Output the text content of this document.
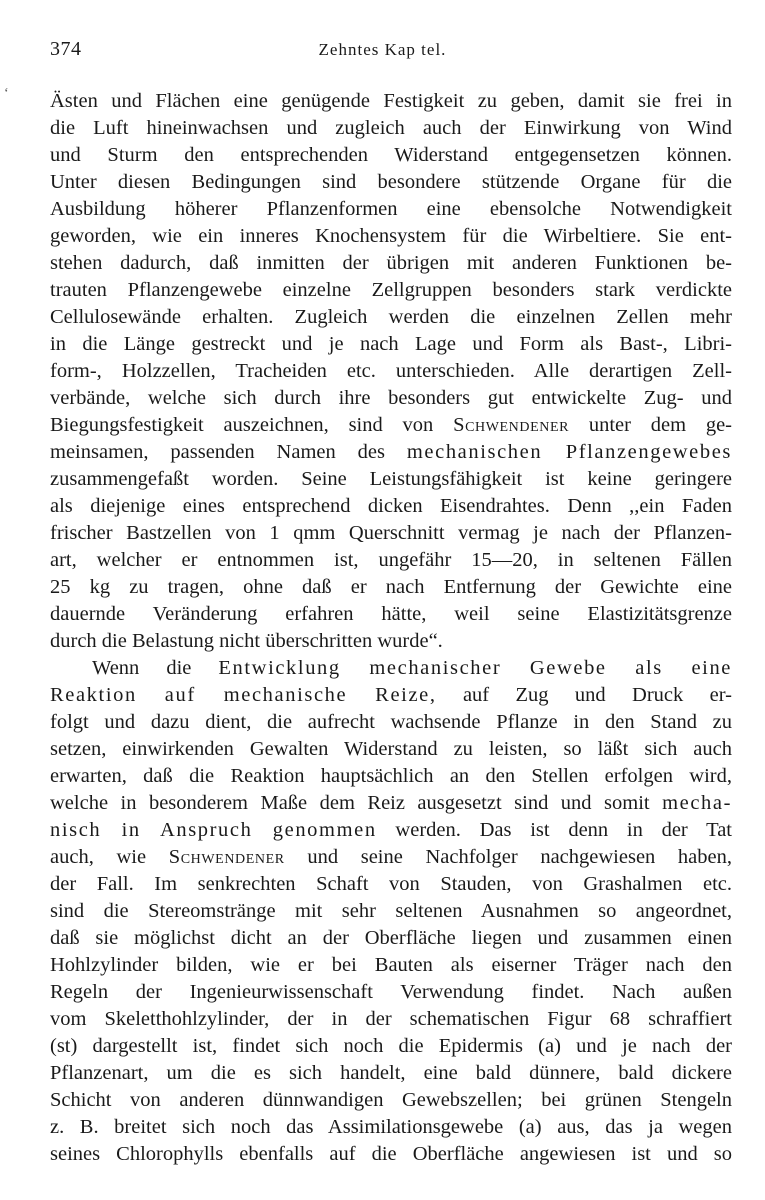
374	Zehntes Kap tel.
‘ Ästen und Flächen eine genügende Festigkeit zu geben, damit sie frei in
die Luft hineinwachsen und zugleich auch der Einwirkung von Wind
und Sturm den entsprechenden Widerstand entgegensetzen können.
Unter diesen Bedingungen sind besondere stützende Organe für die
Ausbildung höherer Pflanzenformen eine ebensolche Notwendigkeit
geworden, wie ein inneres Knochensystem für die Wirbeltiere. Sie ent-
stehen dadurch, daß inmitten der übrigen mit anderen Funktionen be-
trauten Pflanzengewebe einzelne Zellgruppen besonders stark verdickte
Cellulosewände erhalten. Zugleich werden die einzelnen Zellen mehr
in die Länge gestreckt und je nach Lage und Form als Bast-, Libri-
form-, Holzzellen, Tracheiden etc. unterschieden. Alle derartigen Zell-
verbände, welche sich durch ihre besonders gut entwickelte Zug- und
Biegungsfestigkeit auszeichnen, sind von Schwendener unter dem ge-
meinsamen, passenden Namen des mechanischen Pflanzengewebes
zusammengefaßt worden. Seine Leistungsfähigkeit ist keine geringere
als diejenige eines entsprechend dicken Eisendrahtes. Denn ,,ein Faden
frischer Bastzellen von 1 qmm Querschnitt vermag je nach der Pflanzen-
art, welcher er entnommen ist, ungefähr 15—20, in seltenen Fällen
25 kg zu tragen, ohne daß er nach Entfernung der Gewichte eine
dauernde Veränderung erfahren hätte, weil seine Elastizitätsgrenze
durch die Belastung nicht überschritten wurde“.
Wenn die Entwicklung mechanischer Gewebe als eine
Reaktion auf mechanische Reize, auf Zug und Druck er-
folgt und dazu dient, die aufrecht wachsende Pflanze in den Stand zu
setzen, einwirkenden Gewalten Widerstand zu leisten, so läßt sich auch
erwarten, daß die Reaktion hauptsächlich an den Stellen erfolgen wird,
welche in besonderem Maße dem Reiz ausgesetzt sind und somit mecha-
nisch in Anspruch genommen werden. Das ist denn in der Tat
auch, wie Schwendener und seine Nachfolger nachgewiesen haben,
der Fall. Im senkrechten Schaft von Stauden, von Grashalmen etc.
sind die Stereomstränge mit sehr seltenen Ausnahmen so angeordnet,
daß sie möglichst dicht an der Oberfläche liegen und zusammen einen
Hohlzylinder bilden, wie er bei Bauten als eiserner Träger nach den
Regeln der Ingenieurwissenschaft Verwendung findet. Nach außen
vom Skeletthohlzylinder, der in der schematischen Figur 68 schraffiert
(st) dargestellt ist, findet sich noch die Epidermis (a) und je nach der
Pflanzenart, um die es sich handelt, eine bald dünnere, bald dickere
Schicht von anderen dünnwandigen Gewebszellen; bei grünen Stengeln
z. B. breitet sich noch das Assimilationsgewebe (a) aus, das ja wegen
seines Chlorophylls ebenfalls auf die Oberfläche angewiesen ist und so
